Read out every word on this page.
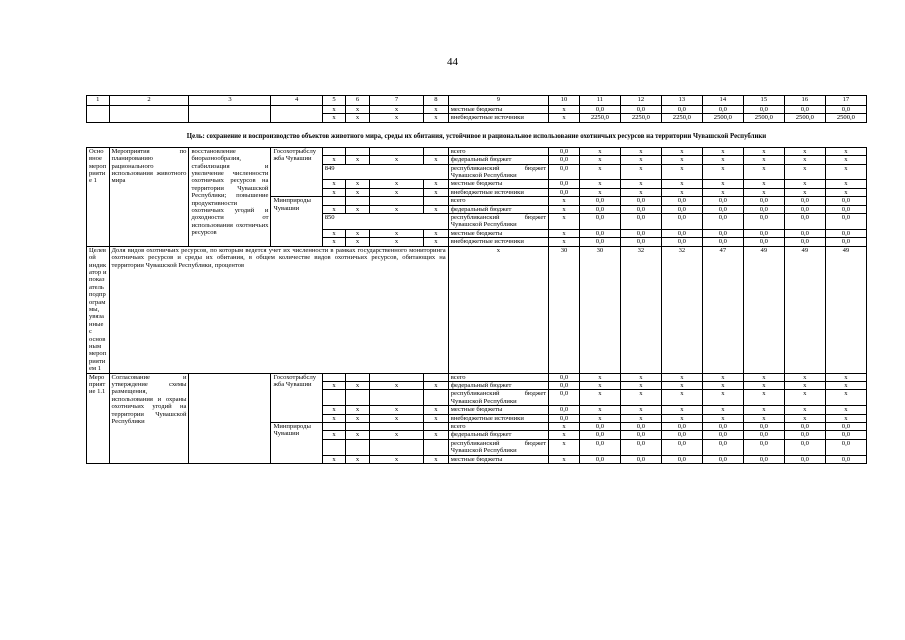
44
1	2	3	4	5	6	7	8	9	10	11	12	13	14	15	16	17
				х	х	х	х	местные бюджеты	х	0,0	0,0	0,0	0,0	0,0	0,0	0,0
				х	х	х	х	внебюджетные источники	х	2250,0	2250,0	2250,0	2500,0	2500,0	2500,0	2500,0
Цель: сохранение и воспроизводство объектов животного мира, среды их обитания, устойчивое и рациональное использование охотничьих ресурсов на территории Чувашской Республики																
Основное мероприятие 1	Мероприятия по планированию рационального использования животного мира	восстановление биоразнообразия, стабилизация и увеличение численности охотничьих ресурсов на территории Чувашской Республики; повышение продуктивности охотничьих угодий и доходности от использования охотничьих ресурсов	Госохотрыбслужба Чувашии					всего	0,0	х	х	х	х	х	х	х
				х	х	х	х	федеральный бюджет	0,0	х	х	х	х	х	х	х
				849				республиканский бюджет Чувашской Республики	0,0	х	х	х	х	х	х	х
				х	х	х	х	местные бюджеты	0,0	х	х	х	х	х	х	х
				х	х	х	х	внебюджетные источники	0,0	х	х	х	х	х	х	х
			Минприроды Чувашии					всего	х	0,0	0,0	0,0	0,0	0,0	0,0	0,0
				х	х	х	х	федеральный бюджет	х	0,0	0,0	0,0	0,0	0,0	0,0	0,0
				850				республиканский бюджет Чувашской Республики	х	0,0	0,0	0,0	0,0	0,0	0,0	0,0
				х	х	х	х	местные бюджеты	х	0,0	0,0	0,0	0,0	0,0	0,0	0,0
				х	х	х	х	внебюджетные источники	х	0,0	0,0	0,0	0,0	0,0	0,0	0,0
Целевой индикатор и показатель подпрограммы, увязанные с основным мероприятием 1	Доля видов охотничьих ресурсов, по которым ведется учет их численности в рамках государственного мониторинга охотничьих ресурсов и среды их обитания, в общем количестве видов охотничьих ресурсов, обитающих на территории Чувашской Республики, процентов							х	30	30	32	32	47	49	49	49
Мероприятие 1.1	Согласование и утверждение схемы размещения, использования и охраны охотничьих угодий на территории Чувашской Республики		Госохотрыбслужба Чувашии					всего	0,0	х	х	х	х	х	х	х
				х	х	х	х	федеральный бюджет	0,0	х	х	х	х	х	х	х
								республиканский бюджет Чувашской Республики	0,0	х	х	х	х	х	х	х
				х	х	х	х	местные бюджеты	0,0	х	х	х	х	х	х	х
				х	х	х	х	внебюджетные источники	0,0	х	х	х	х	х	х	х
			Минприроды Чувашии					всего	х	0,0	0,0	0,0	0,0	0,0	0,0	0,0
				х	х	х	х	федеральный бюджет	х	0,0	0,0	0,0	0,0	0,0	0,0	0,0
								республиканский бюджет Чувашской Республики	х	0,0	0,0	0,0	0,0	0,0	0,0	0,0
				х	х	х	х	местные бюджеты	х	0,0	0,0	0,0	0,0	0,0	0,0	0,0
